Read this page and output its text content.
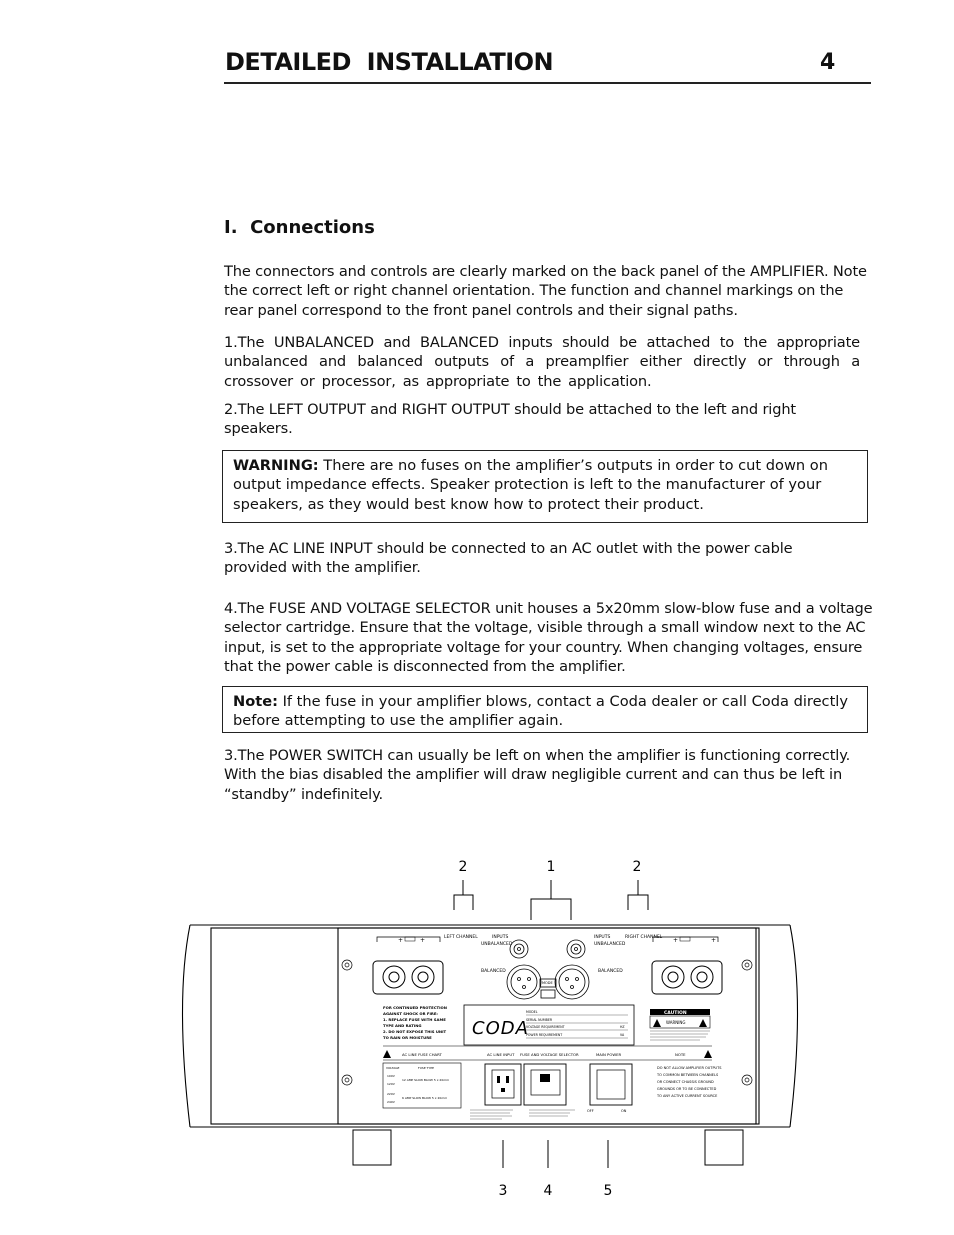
DETAILED  INSTALLATION	4
I.  Connections
The connectors and controls are clearly marked on the back panel of the AMPLIFIER. Note the correct left or right channel orientation. The function and channel markings on the rear panel correspond to the front panel controls and their signal paths.
1.The  UNBALANCED  and  BALANCED  inputs  should  be  attached  to  the  appropriate  unbalanced  and  balanced  outputs  of  a  preamplfier  either  directly  or  through  a  crossover  or  processor,  as  appropriate  to  the  application.
2.The LEFT OUTPUT and RIGHT OUTPUT should be attached to the left and right speakers.
WARNING: There are no fuses on the amplifier’s outputs in order to cut down on output impedance effects. Speaker protection is left to the manufacturer of your speakers, as they would best know how to protect their product.
3.The AC LINE INPUT should be connected to an AC outlet with the power cable provided with the amplifier.
4.The FUSE AND VOLTAGE SELECTOR unit houses a 5x20mm slow-blow fuse and a voltage selector cartridge. Ensure that the voltage, visible through a small window next to the AC input, is set to the appropriate voltage for your country. When changing voltages, ensure that the power cable is disconnected from the amplifier.
Note: If the fuse in your amplifier blows, contact a Coda dealer or call Coda directly before attempting to use the amplifier again.
3.The POWER SWITCH can usually be left on when the amplifier is functioning correctly. With the bias disabled the amplifier will draw negligible current and can thus be left in “standby” indefinitely.
2	1	2
+	+	+	+
LEFT CHANNEL	INPUTS
UNBALANCED
BALANCED
INPUTS
UNBALANCED
BALANCED
RIGHT CHANNEL
MODE
FOR CONTINUED PROTECTION
AGAINST SHOCK OR FIRE:
1. REPLACE FUSE WITH SAME
TYPE AND RATING
2. DO NOT EXPOSE THIS UNIT
TO RAIN OR MOISTURE CODA
MODEL
SERIAL NUMBER
VOLTAGE REQUIREMENT
POWER REQUIREMENT
HZ
VA
CAUTION
WARNING
AC LINE FUSE CHART	AC LINE INPUT FUSE AND VOLTAGE SELECTOR	MAIN POWER	NOTE
VOLTAGE	FUSE TYPE
100V
120V
12 AMP SLOW BLOW 5 x 20mm
220V
240V
6 AMP SLOW BLOW 5 x 20mm
OFF	ON
DO NOT ALLOW AMPLIFIER OUTPUTS
TO COMMON BETWEEN CHANNELS
OR CONNECT CHASSIS GROUND
GROUNDS OR TO BE CONNECTED
TO ANY ACTIVE CURRENT SOURCE
3	4	5
